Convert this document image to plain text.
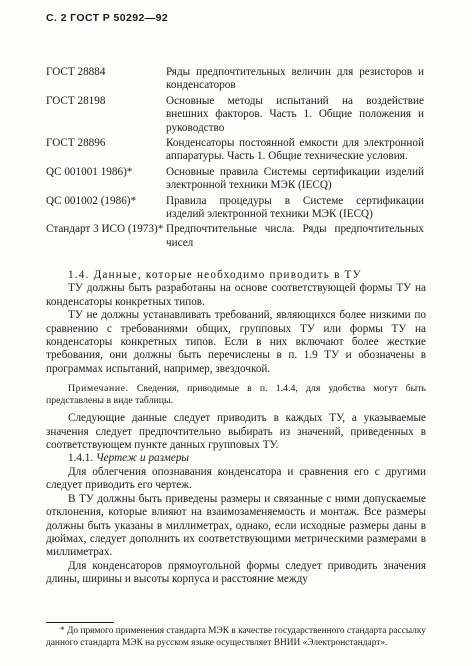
С. 2 ГОСТ Р 50292—92
ГОСТ 28884	Ряды предпочтительных величин для резисторов и конденсаторов
ГОСТ 28198	Основные методы испытаний на воздействие внешних факторов. Часть 1. Общие положения и руководство
ГОСТ 28896	Конденсаторы постоянной емкости для электронной аппаратуры. Часть 1. Общие технические условия.
QC 001001 1986)*	Основные правила Системы сертификации изделий электронной техники МЭК (IECQ)
QC 001002 (1986)*	Правила процедуры в Системе сертификации изделий электронной техники МЭК (IECQ)
Стандарт 3 ИСО (1973)* Предпочтительные числа. Ряды предпочтительных чисел

1.4. Данные, которые необходимо приводить в ТУ

ТУ должны быть разработаны на основе соответствующей формы ТУ на конденсаторы конкретных типов.

ТУ не должны устанавливать требований, являющихся более низкими по сравнению с требованиями общих, групповых ТУ или формы ТУ на конденсаторы конкретных типов. Если в них включают более жесткие требования, они должны быть перечислены в п. 1.9 ТУ и обозначены в программах испытаний, например, звездочкой.

Примечание. Сведения, приводимые в п. 1.4.4, для удобства могут быть представлены в виде таблицы.

Следующие данные следует приводить в каждых ТУ, а указываемые значения следует предпочтительно выбирать из значений, приведенных в соответствующем пункте данных групповых ТУ.

1.4.1. Чертеж и размеры

Для облегчения опознавания конденсатора и сравнения его с другими следует приводить его чертеж.

В ТУ должны быть приведены размеры и связанные с ними допускаемые отклонения, которые влияют на взаимозаменяемость и монтаж. Все размеры должны быть указаны в миллиметрах, однако, если исходные размеры даны в дюймах, следует дополнить их соответствующими метрическими размерами в миллиметрах.

Для конденсаторов прямоугольной формы следует приводить значения длины, ширины и высоты корпуса и расстояние между

* До прямого применения стандарта МЭК в качестве государственного стандарта рассылку данного стандарта МЭК на русском языке осуществляет ВНИИ «Электронстандарт».
